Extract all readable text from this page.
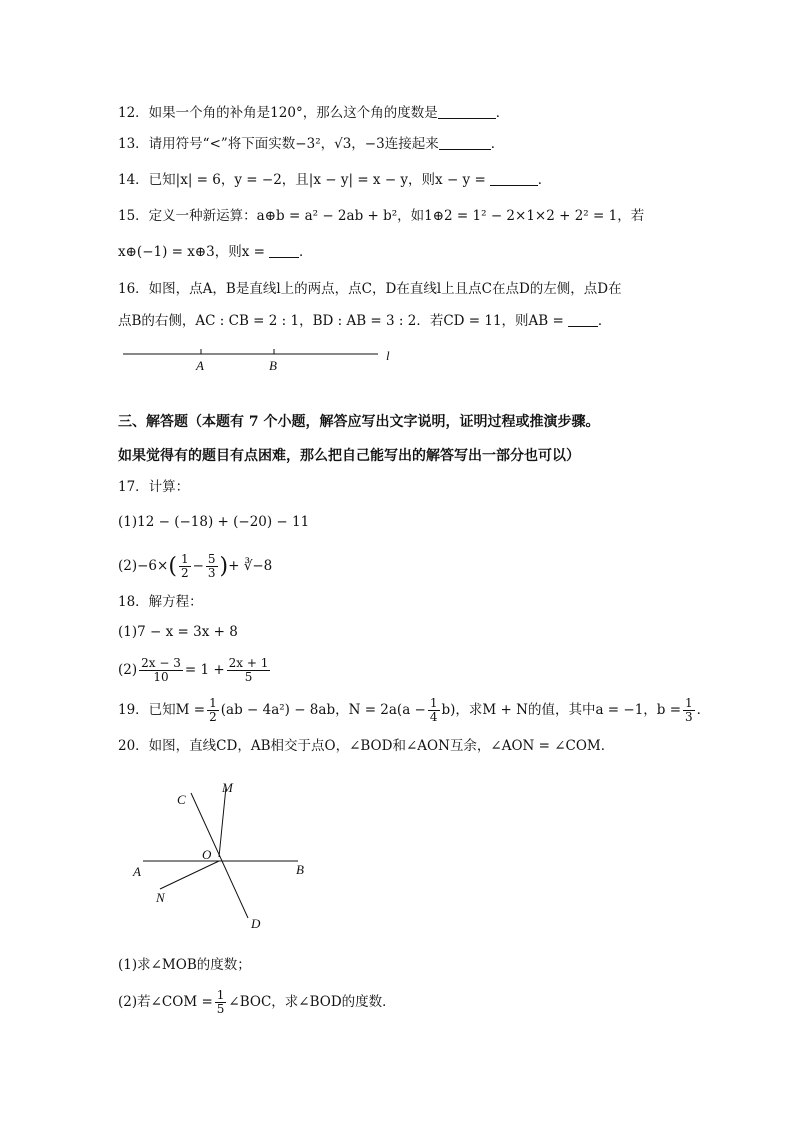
12．如果一个角的补角是120°，那么这个角的度数是	．
13．请用符号“<”将下面实数−3²，√3，−3连接起来	．
14．已知|x| = 6，y = −2，且|x − y| = x − y，则x − y =	．
15．定义一种新运算：a⊕b = a² − 2ab + b²，如1⊕2 = 1² − 2×1×2 + 2² = 1，若
x⊕(−1) = x⊕3，则x =	．
16．如图，点A，B是直线l上的两点，点C，D在直线l上且点C在点D的左侧，点D在
点B的右侧，AC : CB = 2 : 1，BD : AB = 3 : 2．若CD = 11，则AB =	．
A	B
l
三、解答题（本题有 7 个小题，解答应写出文字说明，证明过程或推演步骤。
如果觉得有的题目有点困难，那么把自己能写出的解答写出一部分也可以）
17．计算：
(1)12 − (−18) + (−20) − 11
$(2)-6\times( \frac{1}{2} - \frac{5}{3}$ )+ ∛−8
18．解方程：
(1)7 − x = 3x + 8
$(2) \frac{2x - 3}{10} = 1 + \frac{2x + 1}{5}$
19．已知$M = \frac{1}{2} (ab - 4a^2) - 8ab$，$N = 2a(a - \frac{1}{4} b)$，求M + N的值，其中a = −1，$b = \frac{1}{3}$ ．
20．如图，直线CD，AB相交于点O，∠BOD和∠AON互余，∠AON = ∠COM．
C
M
O
A	B
N
D
(1)求∠MOB的度数；
(2)若∠COM = $\frac{1}{5}$ ∠BOC，求∠BOD的度数．
